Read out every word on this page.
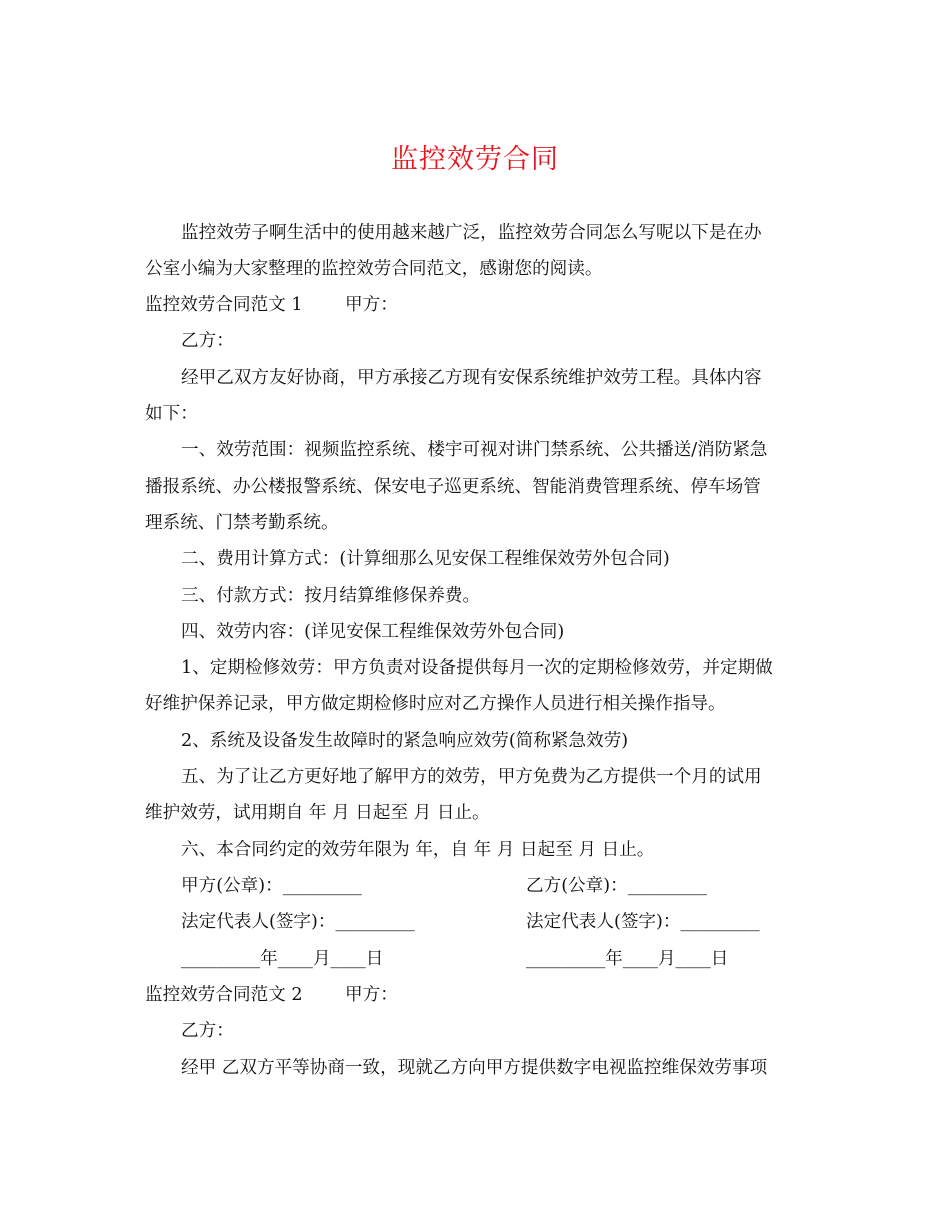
监控效劳合同
监控效劳子啊生活中的使用越来越广泛，监控效劳合同怎么写呢以下是在办
公室小编为大家整理的监控效劳合同范文，感谢您的阅读。
监控效劳合同范文 1 甲方：
乙方：
经甲乙双方友好协商，甲方承接乙方现有安保系统维护效劳工程。具体内容
如下：
一、效劳范围：视频监控系统、楼宇可视对讲门禁系统、公共播送/消防紧急
播报系统、办公楼报警系统、保安电子巡更系统、智能消费管理系统、停车场管
理系统、门禁考勤系统。
二、费用计算方式：(计算细那么见安保工程维保效劳外包合同)
三、付款方式：按月结算维修保养费。
四、效劳内容：(详见安保工程维保效劳外包合同)
1、定期检修效劳：甲方负责对设备提供每月一次的定期检修效劳，并定期做
好维护保养记录，甲方做定期检修时应对乙方操作人员进行相关操作指导。
2、系统及设备发生故障时的紧急响应效劳(简称紧急效劳)
五、为了让乙方更好地了解甲方的效劳，甲方免费为乙方提供一个月的试用
维护效劳，试用期自 年 月 日起至 月 日止。
六、本合同约定的效劳年限为 年，自 年 月 日起至 月 日止。
甲方(公章)：_________	乙方(公章)：_________
法定代表人(签字)：_________	法定代表人(签字)：_________
_________年____月____日	_________年____月____日
监控效劳合同范文 2 甲方：
乙方：
经甲 乙双方平等协商一致，现就乙方向甲方提供数字电视监控维保效劳事项
